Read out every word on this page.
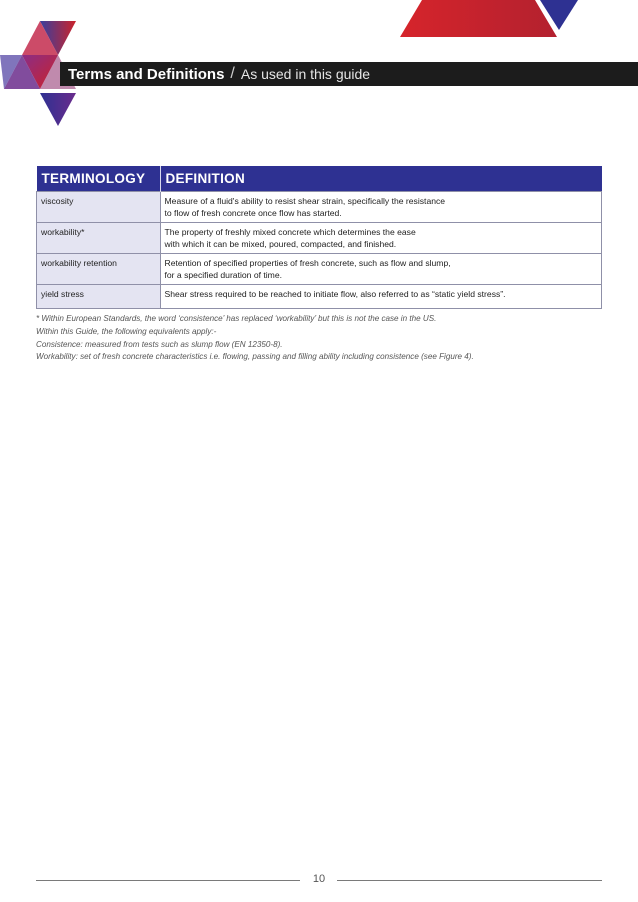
Terms and Definitions / As used in this guide
TERMINOLOGY	DEFINITION
viscosity	Measure of a fluid's ability to resist shear strain, specifically the resistance
to flow of fresh concrete once flow has started.

workability*	The property of freshly mixed concrete which determines the ease
with which it can be mixed, poured, compacted, and finished.

workability retention	Retention of specified properties of fresh concrete, such as flow and slump,
for a specified duration of time.

yield stress	Shear stress required to be reached to initiate flow, also referred to as “static yield stress”.
* Within European Standards, the word ‘consistence’ has replaced ‘workability’ but this is not the case in the US.
Within this Guide, the following equivalents apply:-
Consistence: measured from tests such as slump flow (EN 12350-8).
Workability: set of fresh concrete characteristics i.e. flowing, passing and filling ability including consistence (see Figure 4).
10
